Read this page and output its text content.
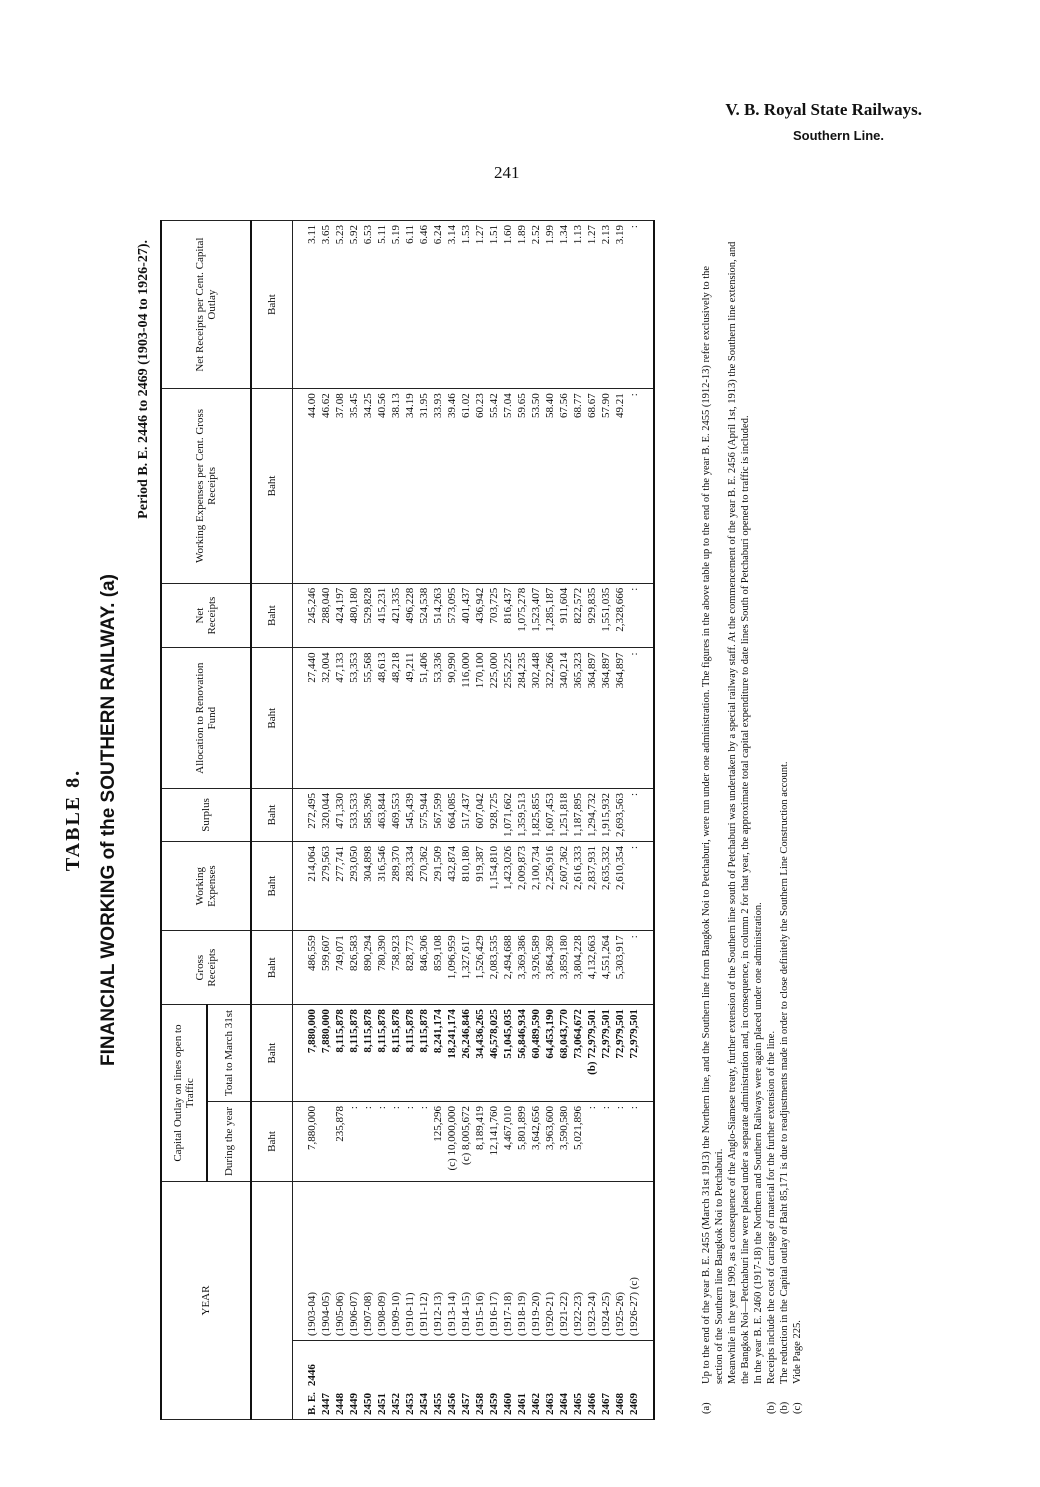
V. B. Royal State Railways.
Southern Line.
241
TABLE 8. FINANCIAL WORKING of the SOUTHERN RAILWAY. (a)
Period B. E. 2446 to 2469 (1903-04 to 1926-27).
YEAR		Capital Outlay on lines open to Traffic		Gross Receipts	Working Expenses	Surplus	Allocation to Renovation Fund	Net Receipts	Working Expenses per Cent. Gross Receipts	Net Receipts per Cent. Capital Outlay
		During the year	Total to March 31st							
		Baht	Baht	Baht	Baht	Baht	Baht	Baht	Baht	Baht
B. E.2446	(1903-04)	7,880,000	7,880,000	486,559	214,064	272,495	27,440	245,246	44.00	3.11
2447	(1904-05)		7,880,000	599,607	279,563	320,044	32,004	288,040	46.62	3.65
2448	(1905-06)	235,878	8,115,878	749,071	277,741	471,330	47,133	424,197	37.08	5.23
2449	(1906-07)	:	8,115,878	826,583	293,050	533,533	53,353	480,180	35.45	5.92
2450	(1907-08)	:	8,115,878	890,294	304,898	585,396	55,568	529,828	34.25	6.53
2451	(1908-09)	:	8,115,878	780,390	316,546	463,844	48,613	415,231	40.56	5.11
2452	(1909-10)	:	8,115,878	758,923	289,370	469,553	48,218	421,335	38.13	5.19
2453	(1910-11)	:	8,115,878	828,773	283,334	545,439	49,211	496,228	34.19	6.11
2454	(1911-12)	:	8,115,878	846,306	270,362	575,944	51,406	524,538	31.95	6.46
2455	(1912-13)	125,296	8,241,174	859,108	291,509	567,599	53,336	514,263	33.93	6.24
2456	(1913-14)	(c) 10,000,000	18,241,174	1,096,959	432,874	664,085	90,990	573,095	39.46	3.14
2457	(1914-15)	(c) 8,005,672	26,246,846	1,327,617	810,180	517,437	116,000	401,437	61.02	1.53
2458	(1915-16)	8,189,419	34,436,265	1,526,429	919,387	607,042	170,100	436,942	60.23	1.27
2459	(1916-17)	12,141,760	46,578,025	2,083,535	1,154,810	928,725	225,000	703,725	55.42	1.51
2460	(1917-18)	4,467,010	51,045,035	2,494,688	1,423,026	1,071,662	255,225	816,437	57.04	1.60
2461	(1918-19)	5,801,899	56,846,934	3,369,386	2,009,873	1,359,513	284,235	1,075,278	59.65	1.89
2462	(1919-20)	3,642,656	60,489,590	3,926,589	2,100,734	1,825,855	302,448	1,523,407	53.50	2.52
2463	(1920-21)	3,963,600	64,453,190	3,864,369	2,256,916	1,607,453	322,266	1,285,187	58.40	1.99
2464	(1921-22)	3,590,580	68,043,770	3,859,180	2,607,362	1,251,818	340,214	911,604	67.56	1.34
2465	(1922-23)	5,021,896	73,064,672	3,804,228	2,616,333	1,187,895	365,323	822,572	68.77	1.13
2466	(1923-24)	:	(b) 72,979,501	4,132,663	2,837,931	1,294,732	364,897	929,835	68.67	1.27
2467	(1924-25)	:	72,979,501	4,551,264	2,635,332	1,915,932	364,897	1,551,035	57.90	2.13
2468	(1925-26)	:	72,979,501	5,303,917	2,610,354	2,693,563	364,897	2,328,666	49.21	3.19
2469	(1926-27) (c)	:	72,979,501	:	:	:	:	:	:	:
(a)
Up to the end of the year B. E. 2455 (March 31st 1913) the Northern line, and the Southern line from Bangkok Noi to Petchaburi, were run under one administration. The figures in the above table up to the end of the year B. E. 2455 (1912-13) refer exclusively to the section of the Southern line Bangkok Noi to Petchaburi. Meanwhile in the year 1909, as a consequence of the Anglo-Siamese treaty, further extension of the Southern line south of Petchaburi was undertaken by a special railway staff. At the commencement of the year B. E. 2456 (April 1st, 1913) the Southern line extension, and the Bangkok Noi—Petchaburi line were placed under a separate administration and, in consequence, in column 2 for that year, the approximate total capital expenditure to date lines South of Petchaburi opened to traffic is included. In the year B. E. 2460 (1917-18) the Northern and Southern Railways were again placed under one administration.
(b)
Receipts include the cost of carriage of material for the further extension of the line.
(b)
The reduction in the Capital outlay of Baht 85,171 is due to readjustments made in order to close definitely the Southern Line Construction account.
(c)
Vide Page 225.
